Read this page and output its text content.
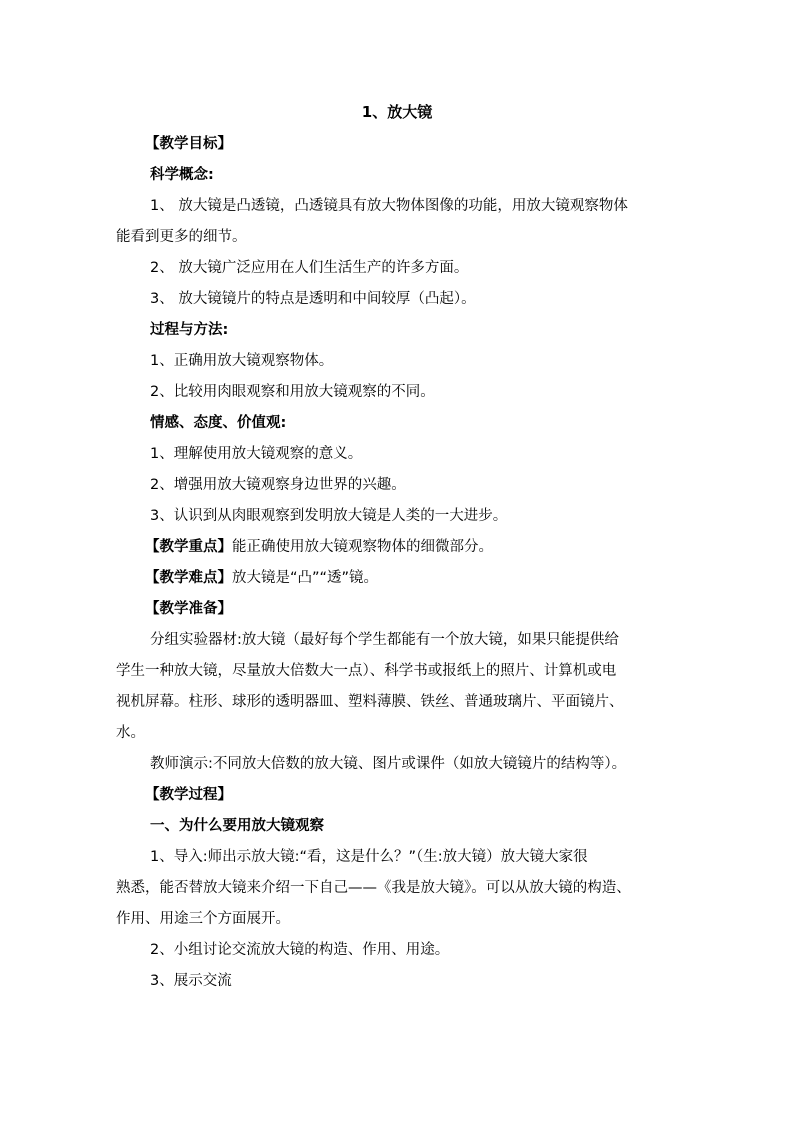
1、放大镜
【教学目标】
科学概念:
1、 放大镜是凸透镜，凸透镜具有放大物体图像的功能，用放大镜观察物体
能看到更多的细节。
2、 放大镜广泛应用在人们生活生产的许多方面。
3、 放大镜镜片的特点是透明和中间较厚（凸起）。
过程与方法:
1、正确用放大镜观察物体。
2、比较用肉眼观察和用放大镜观察的不同。
情感、态度、价值观:
1、理解使用放大镜观察的意义。
2、增强用放大镜观察身边世界的兴趣。
3、认识到从肉眼观察到发明放大镜是人类的一大进步。
【教学重点】能正确使用放大镜观察物体的细微部分。
【教学难点】放大镜是“凸”“透”镜。
【教学准备】
分组实验器材:放大镜（最好每个学生都能有一个放大镜，如果只能提供给
学生一种放大镜，尽量放大倍数大一点）、科学书或报纸上的照片、计算机或电
视机屏幕。柱形、球形的透明器皿、塑料薄膜、铁丝、普通玻璃片、平面镜片、
水。
教师演示:不同放大倍数的放大镜、图片或课件（如放大镜镜片的结构等）。
【教学过程】
一、为什么要用放大镜观察
1、导入:师出示放大镜:“看，这是什么？”（生:放大镜）放大镜大家很
熟悉，能否替放大镜来介绍一下自己——《我是放大镜》。可以从放大镜的构造、
作用、用途三个方面展开。
2、小组讨论交流放大镜的构造、作用、用途。
3、展示交流
